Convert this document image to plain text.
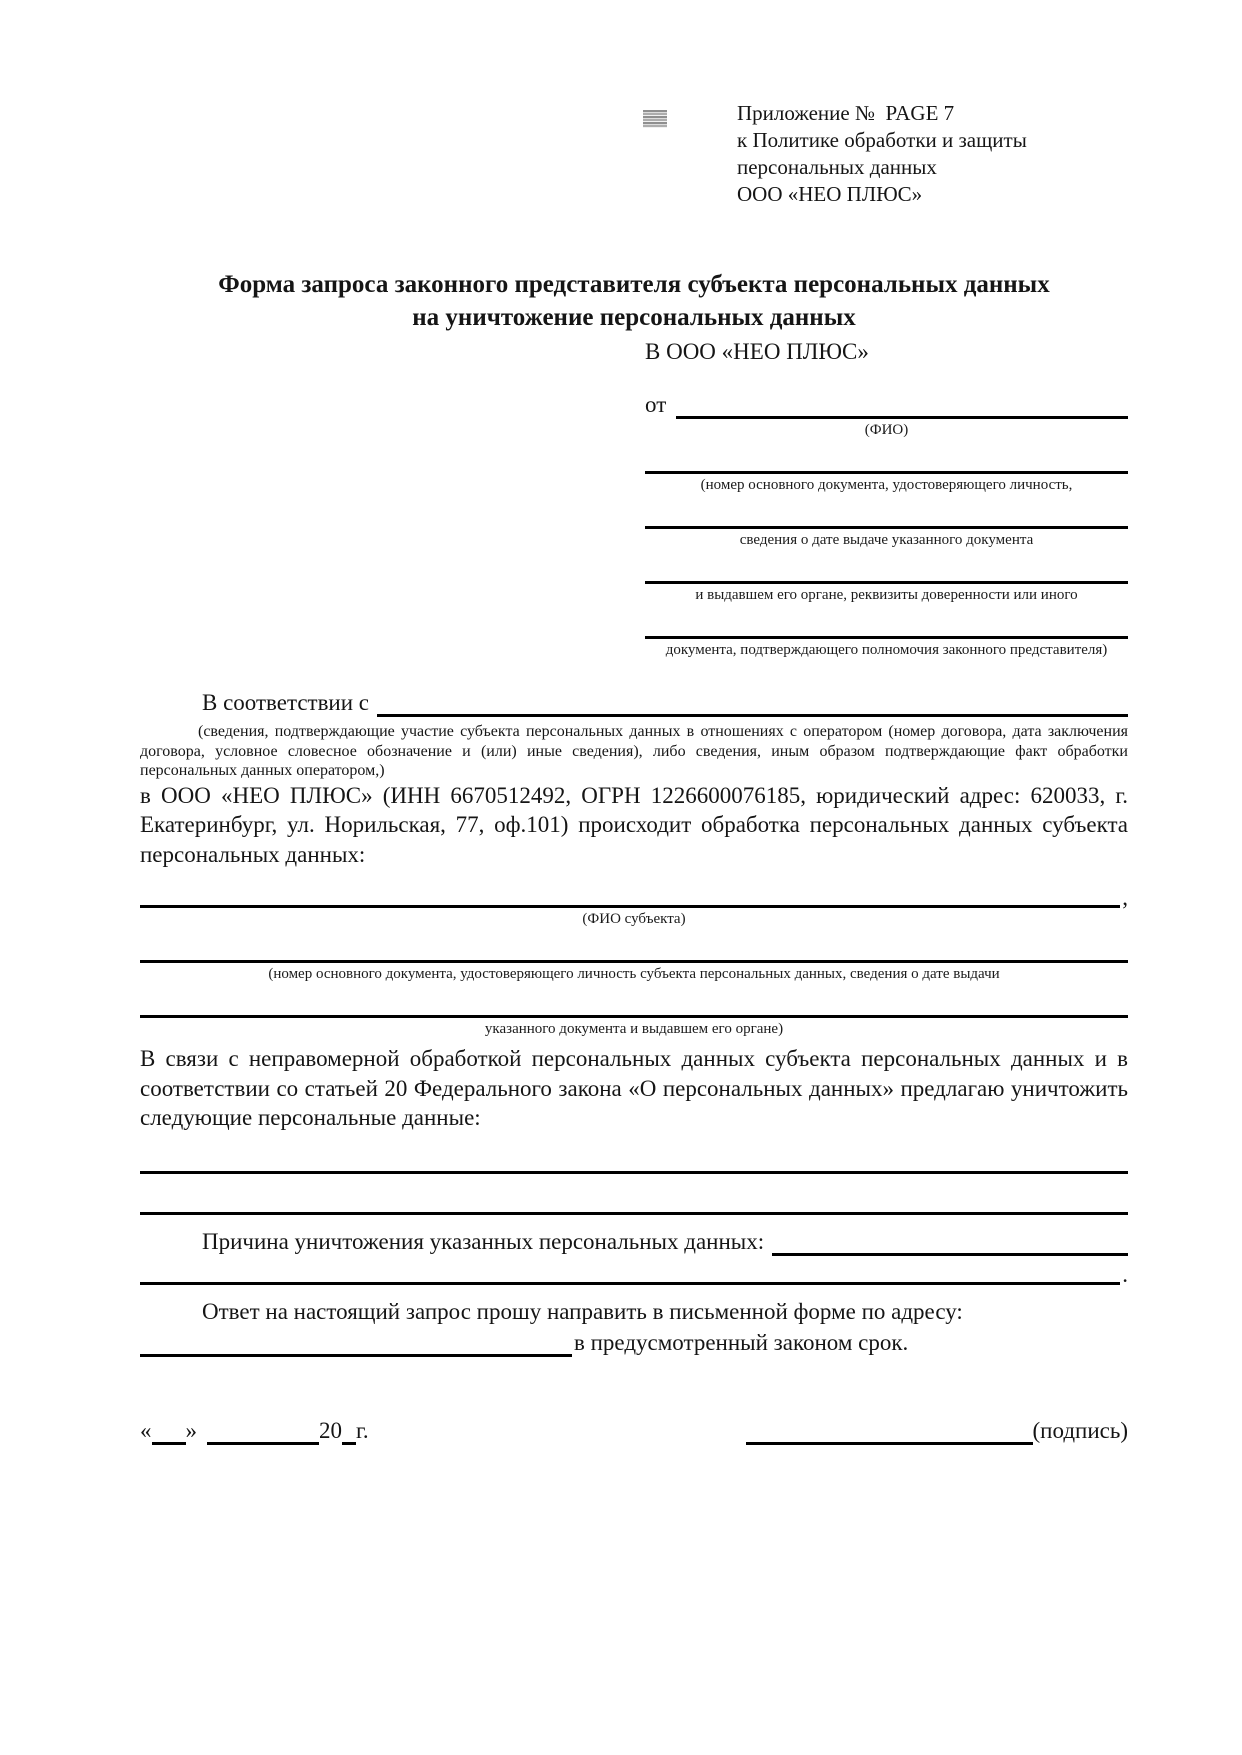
Приложение №  PAGE 7
к Политике обработки и защиты
персональных данных
ООО «НЕО ПЛЮС»
Форма запроса законного представителя субъекта персональных данных
на уничтожение персональных данных
В ООО «НЕО ПЛЮС»
от
(ФИО)
(номер основного документа, удостоверяющего личность,
сведения о дате выдаче указанного документа
и выдавшем его органе, реквизиты доверенности или иного
документа, подтверждающего полномочия законного представителя)
В соответствии с
(сведения, подтверждающие участие субъекта персональных данных в отношениях с оператором (номер договора, дата заключения договора, условное словесное обозначение и (или) иные сведения), либо сведения, иным образом подтверждающие факт обработки персональных данных оператором,)
в ООО «НЕО ПЛЮС» (ИНН 6670512492, ОГРН 1226600076185, юридический адрес: 620033, г. Екатеринбург, ул. Норильская, 77, оф.101) происходит обработка персональных данных субъекта персональных данных:
,
(ФИО субъекта)
(номер основного документа, удостоверяющего личность субъекта персональных данных, сведения о дате выдачи
указанного документа и выдавшем его органе)
В связи с неправомерной обработкой персональных данных субъекта персональных данных и в соответствии со статьей 20 Федерального закона «О персональных данных» предлагаю уничтожить следующие персональные данные:
Причина уничтожения указанных персональных данных:
.
Ответ на настоящий запрос прошу направить в письменной форме по адресу:
в предусмотренный законом срок.
« »	20 г.	(подпись)
